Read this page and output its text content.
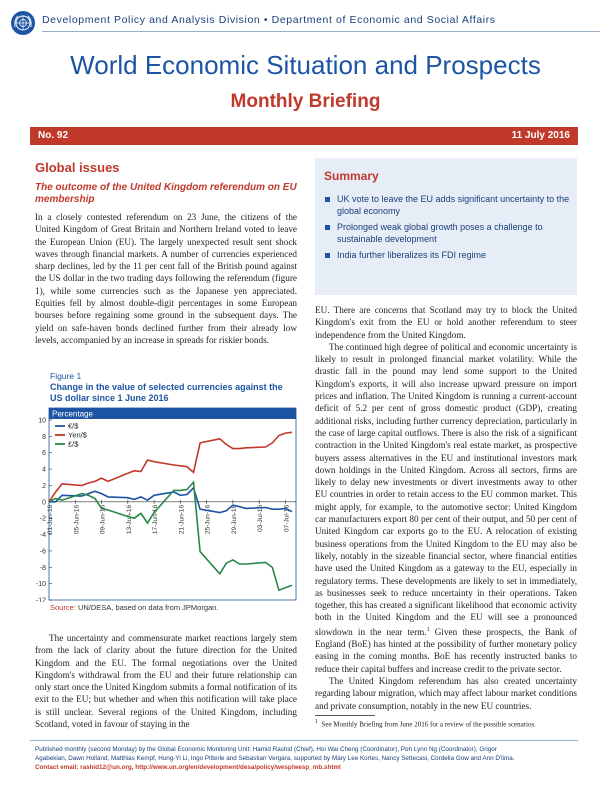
Development Policy and Analysis Division • Department of Economic and Social Affairs
World Economic Situation and Prospects
Monthly Briefing
No. 92	11 July 2016
Global issues
The outcome of the United Kingdom referendum on EU membership

In a closely contested referendum on 23 June, the citizens of the United Kingdom of Great Britain and Northern Ireland voted to leave the European Union (EU). The largely unexpected result sent shock waves through financial markets. A number of currencies experienced sharp declines, led by the 11 per cent fall of the British pound against the US dollar in the two trading days following the referendum (figure 1), while some currencies such as the Japanese yen appreciated. Equities fell by almost double-digit percentages in some European bourses before regaining some ground in the subsequent days. The yield on safe-haven bonds declined further from their already low levels, accompanied by an increase in spreads for riskier bonds.

Figure 1
Change in the value of selected currencies against the US dollar since 1 June 2016
Percentage
10
8
6
4
2
0
-2
-4
-6
-8
-10
-12
01-Jun-16	05-Jun-16	09-Jun-16	13-Jun-16	17-Jun-16	21-Jun-16	25-Jun-16	29-Jun-16	03-Jul-16	07-Jul-16
€/$
Yen/$
£/$
Source: UN/DESA, based on data from JPMorgan.

The uncertainty and commensurate market reactions largely stem from the lack of clarity about the future direction for the United Kingdom and the EU. The formal negotiations over the United Kingdom's withdrawal from the EU and their future relationship can only start once the United Kingdom submits a formal notification of its exit to the EU; but whether and when this notification will take place is still unclear. Several regions of the United Kingdom, including Scotland, voted in favour of staying in the

Summary
UK vote to leave the EU adds significant uncertainty to the global economy
Prolonged weak global growth poses a challenge to sustainable development
India further liberalizes its FDI regime

EU. There are concerns that Scotland may try to block the United Kingdom's exit from the EU or hold another referendum to steer independence from the United Kingdom.

The continued high degree of political and economic uncertainty is likely to result in prolonged financial market volatility. While the drastic fall in the pound may lend some support to the United Kingdom's exports, it will also increase upward pressure on import prices and inflation. The United Kingdom is running a current-account deficit of 5.2 per cent of gross domestic product (GDP), creating additional risks, including further currency depreciation, particularly in the case of large capital outflows. There is also the risk of a significant contraction in the United Kingdom's real estate market, as prospective buyers assess alternatives in the EU and institutional investors mark down holdings in the United Kingdom. Across all sectors, firms are likely to delay new investments or divert investments away to other EU countries in order to retain access to the EU common market. This might apply, for example, to the automotive sector: United Kingdom car manufacturers export 80 per cent of their output, and 50 per cent of United Kingdom car exports go to the EU. A relocation of existing business operations from the United Kingdom to the EU may also be likely, notably in the sizeable financial sector, where financial entities have used the United Kingdom as a gateway to the EU, especially in regulatory terms. These developments are likely to set in immediately, as businesses seek to reduce uncertainty in their operations. Taken together, this has created a significant likelihood that economic activity both in the United Kingdom and the EU will see a pronounced slowdown in the near term.$^1$ Given these prospects, the Bank of England (BoE) has hinted at the possibility of further monetary policy easing in the coming months. BoE has recently instructed banks to reduce their capital buffers and increase credit to the private sector.

The United Kingdom referendum has also created uncertainty regarding labour migration, which may affect labour market conditions and private consumption, notably in the new EU countries.

$^1$ See Monthly Briefing from June 2016 for a review of the possible scenarios.
Published monthly (second Monday) by the Global Economic Monitoring Unit: Hamid Rashid (Chief), Hoi Wai Cheng (Coordinator), Poh Lynn Ng (Coordinator), Grigor
Agabekian, Dawn Holland, Matthias Kempf, Hung-Yi Li, Ingo Pitterle and Sebastian Vergara, supported by Mary Lee Kortes, Nancy Settecasi, Cordelia Gow and Ann D'lima.
Contact email: rashid12@un.org, http://www.un.org/en/development/desa/policy/wesp/wesp_mb.shtml
